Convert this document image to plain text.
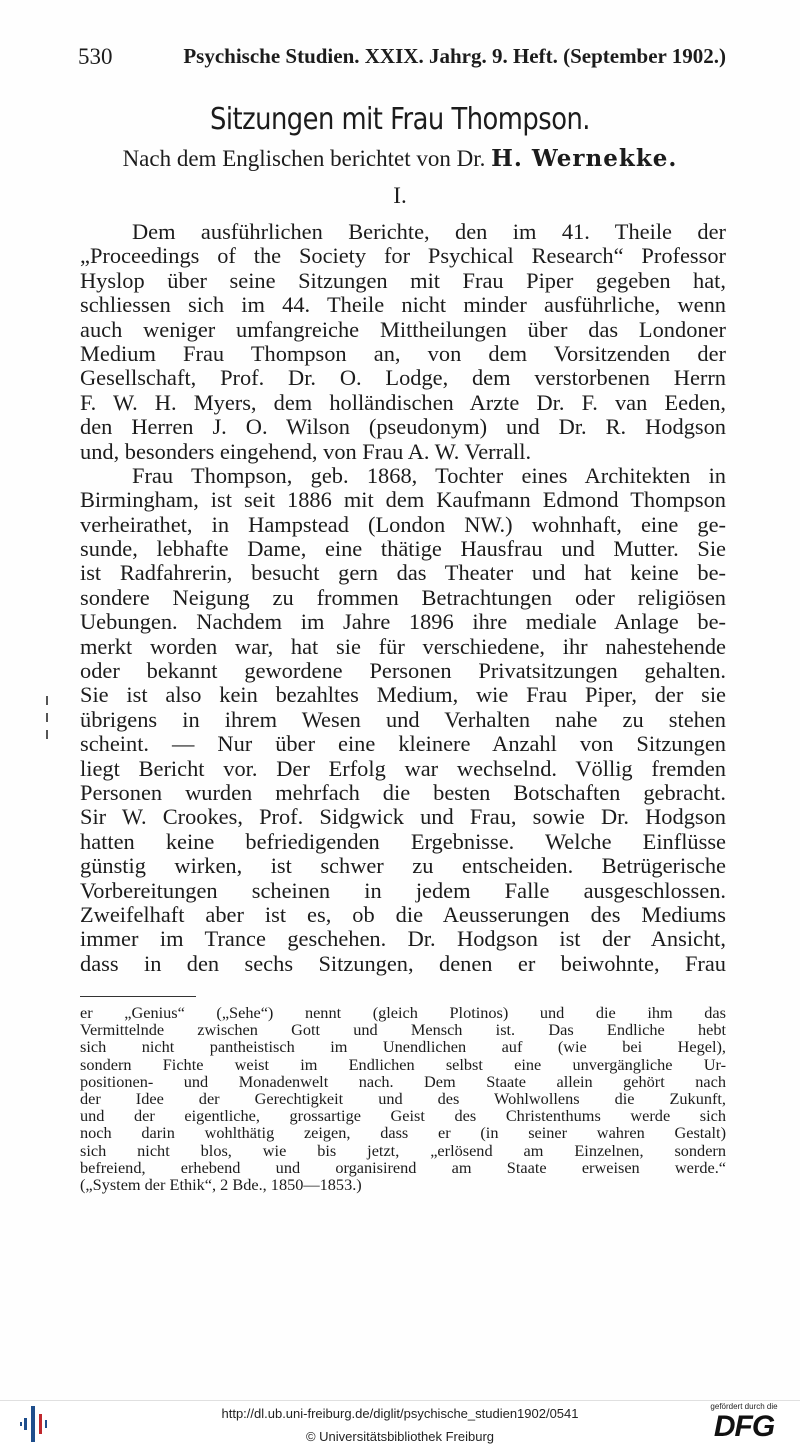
530	Psychische Studien. XXIX. Jahrg. 9. Heft. (September 1902.)
Sitzungen mit Frau Thompson.
Nach dem Englischen berichtet von Dr. H. Wernekke.
I.
Dem ausführlichen Berichte, den im 41. Theile der
„Proceedings of the Society for Psychical Research“ Professor
Hyslop über seine Sitzungen mit Frau Piper gegeben hat,
schliessen sich im 44. Theile nicht minder ausführliche, wenn
auch weniger umfangreiche Mittheilungen über das Londoner
Medium Frau Thompson an, von dem Vorsitzenden der
Gesellschaft, Prof. Dr. O. Lodge, dem verstorbenen Herrn
F. W. H. Myers, dem holländischen Arzte Dr. F. van Eeden,
den Herren J. O. Wilson (pseudonym) und Dr. R. Hodgson
und, besonders eingehend, von Frau A. W. Verrall.
Frau Thompson, geb. 1868, Tochter eines Architekten in
Birmingham, ist seit 1886 mit dem Kaufmann Edmond Thompson
verheirathet, in Hampstead (London NW.) wohnhaft, eine ge-
sunde, lebhafte Dame, eine thätige Hausfrau und Mutter. Sie
ist Radfahrerin, besucht gern das Theater und hat keine be-
sondere Neigung zu frommen Betrachtungen oder religiösen
Uebungen. Nachdem im Jahre 1896 ihre mediale Anlage be-
merkt worden war, hat sie für verschiedene, ihr nahestehende
oder bekannt gewordene Personen Privatsitzungen gehalten.
Sie ist also kein bezahltes Medium, wie Frau Piper, der sie
übrigens in ihrem Wesen und Verhalten nahe zu stehen
scheint. — Nur über eine kleinere Anzahl von Sitzungen
liegt Bericht vor. Der Erfolg war wechselnd. Völlig fremden
Personen wurden mehrfach die besten Botschaften gebracht.
Sir W. Crookes, Prof. Sidgwick und Frau, sowie Dr. Hodgson
hatten keine befriedigenden Ergebnisse. Welche Einflüsse
günstig wirken, ist schwer zu entscheiden. Betrügerische
Vorbereitungen scheinen in jedem Falle ausgeschlossen.
Zweifelhaft aber ist es, ob die Aeusserungen des Mediums
immer im Trance geschehen. Dr. Hodgson ist der Ansicht,
dass in den sechs Sitzungen, denen er beiwohnte, Frau
er „Genius“ („Sehe“) nennt (gleich Plotinos) und die ihm das
Vermittelnde zwischen Gott und Mensch ist. Das Endliche hebt
sich nicht pantheistisch im Unendlichen auf (wie bei Hegel),
sondern Fichte weist im Endlichen selbst eine unvergängliche Ur-
positionen- und Monadenwelt nach. Dem Staate allein gehört nach
der Idee der Gerechtigkeit und des Wohlwollens die Zukunft,
und der eigentliche, grossartige Geist des Christenthums werde sich
noch darin wohlthätig zeigen, dass er (in seiner wahren Gestalt)
sich nicht blos, wie bis jetzt, „erlösend am Einzelnen, sondern
befreiend, erhebend und organisirend am Staate erweisen werde.“
(„System der Ethik“, 2 Bde., 1850—1853.)
http://dl.ub.uni-freiburg.de/diglit/psychische_studien1902/0541
© Universitätsbibliothek Freiburg
gefördert durch die
DFG
